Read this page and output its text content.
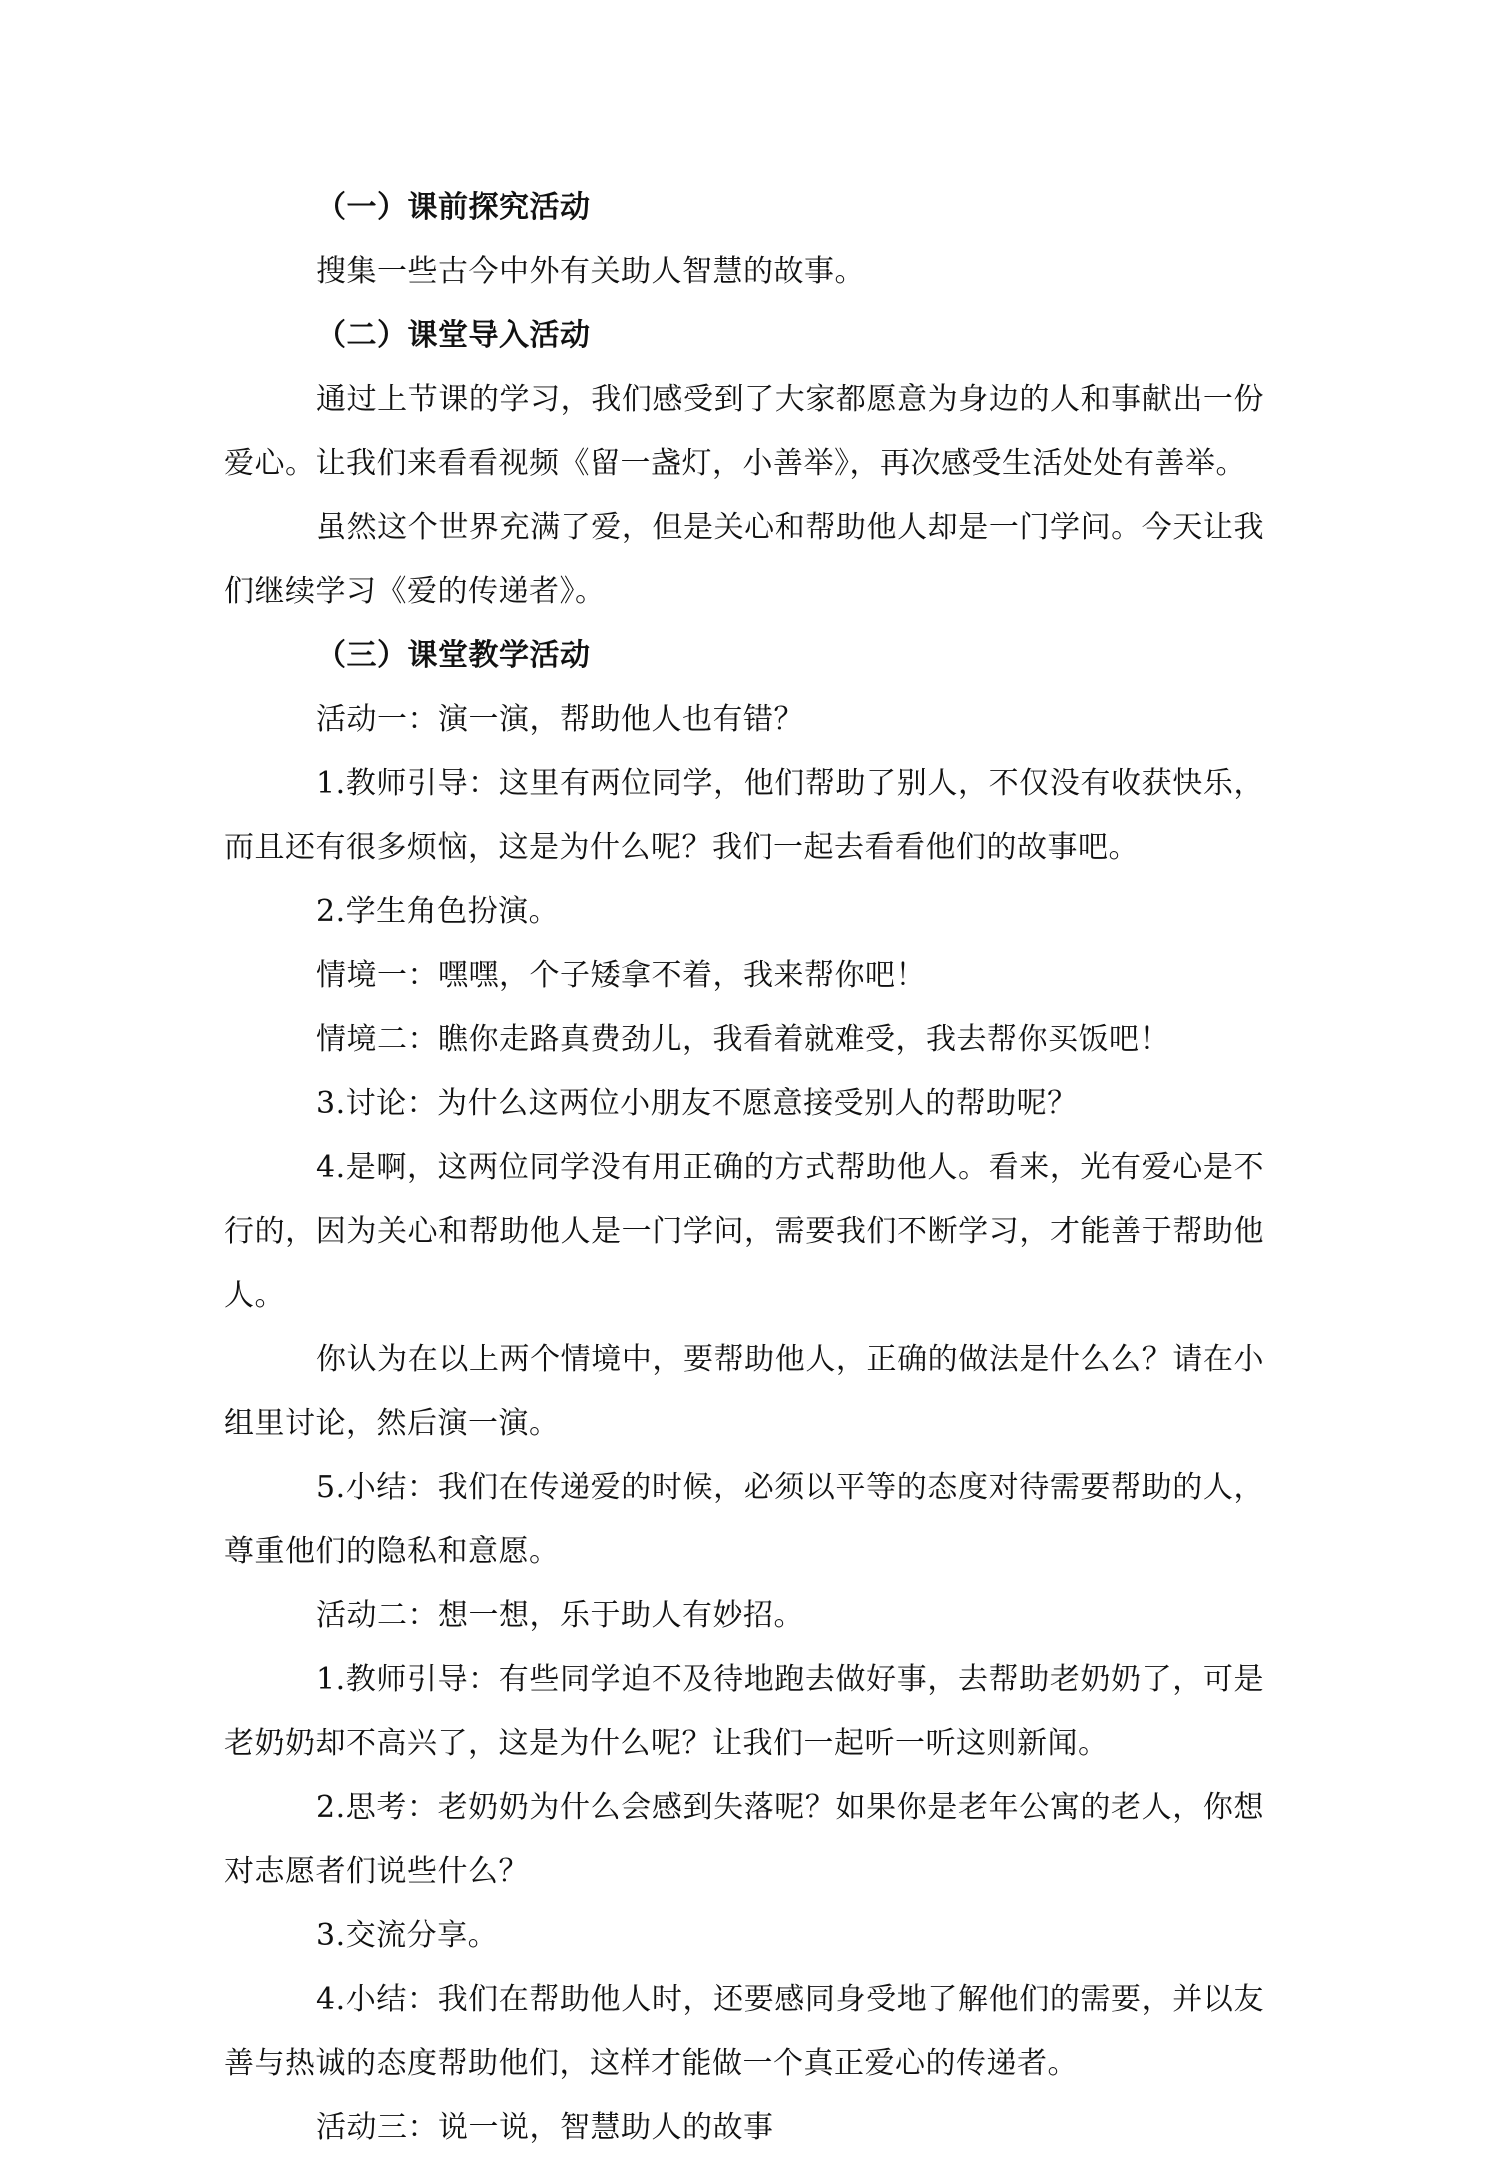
（一）课前探究活动

搜集一些古今中外有关助人智慧的故事。

（二）课堂导入活动

通过上节课的学习，我们感受到了大家都愿意为身边的人和事献出一份爱心。让我们来看看视频《留一盏灯，小善举》，再次感受生活处处有善举。

虽然这个世界充满了爱，但是关心和帮助他人却是一门学问。今天让我们继续学习《爱的传递者》。

（三）课堂教学活动

活动一：演一演，帮助他人也有错？

1.教师引导：这里有两位同学，他们帮助了别人，不仅没有收获快乐，而且还有很多烦恼，这是为什么呢？我们一起去看看他们的故事吧。

2.学生角色扮演。

情境一：嘿嘿，个子矮拿不着，我来帮你吧！

情境二：瞧你走路真费劲儿，我看着就难受，我去帮你买饭吧！

3.讨论：为什么这两位小朋友不愿意接受别人的帮助呢？

4.是啊，这两位同学没有用正确的方式帮助他人。看来，光有爱心是不行的，因为关心和帮助他人是一门学问，需要我们不断学习，才能善于帮助他人。

你认为在以上两个情境中，要帮助他人，正确的做法是什么么？请在小组里讨论，然后演一演。

5.小结：我们在传递爱的时候，必须以平等的态度对待需要帮助的人，尊重他们的隐私和意愿。

活动二：想一想，乐于助人有妙招。

1.教师引导：有些同学迫不及待地跑去做好事，去帮助老奶奶了，可是老奶奶却不高兴了，这是为什么呢？让我们一起听一听这则新闻。

2.思考：老奶奶为什么会感到失落呢？如果你是老年公寓的老人，你想对志愿者们说些什么？

3.交流分享。

4.小结：我们在帮助他人时，还要感同身受地了解他们的需要，并以友善与热诚的态度帮助他们，这样才能做一个真正爱心的传递者。

活动三：说一说，智慧助人的故事
